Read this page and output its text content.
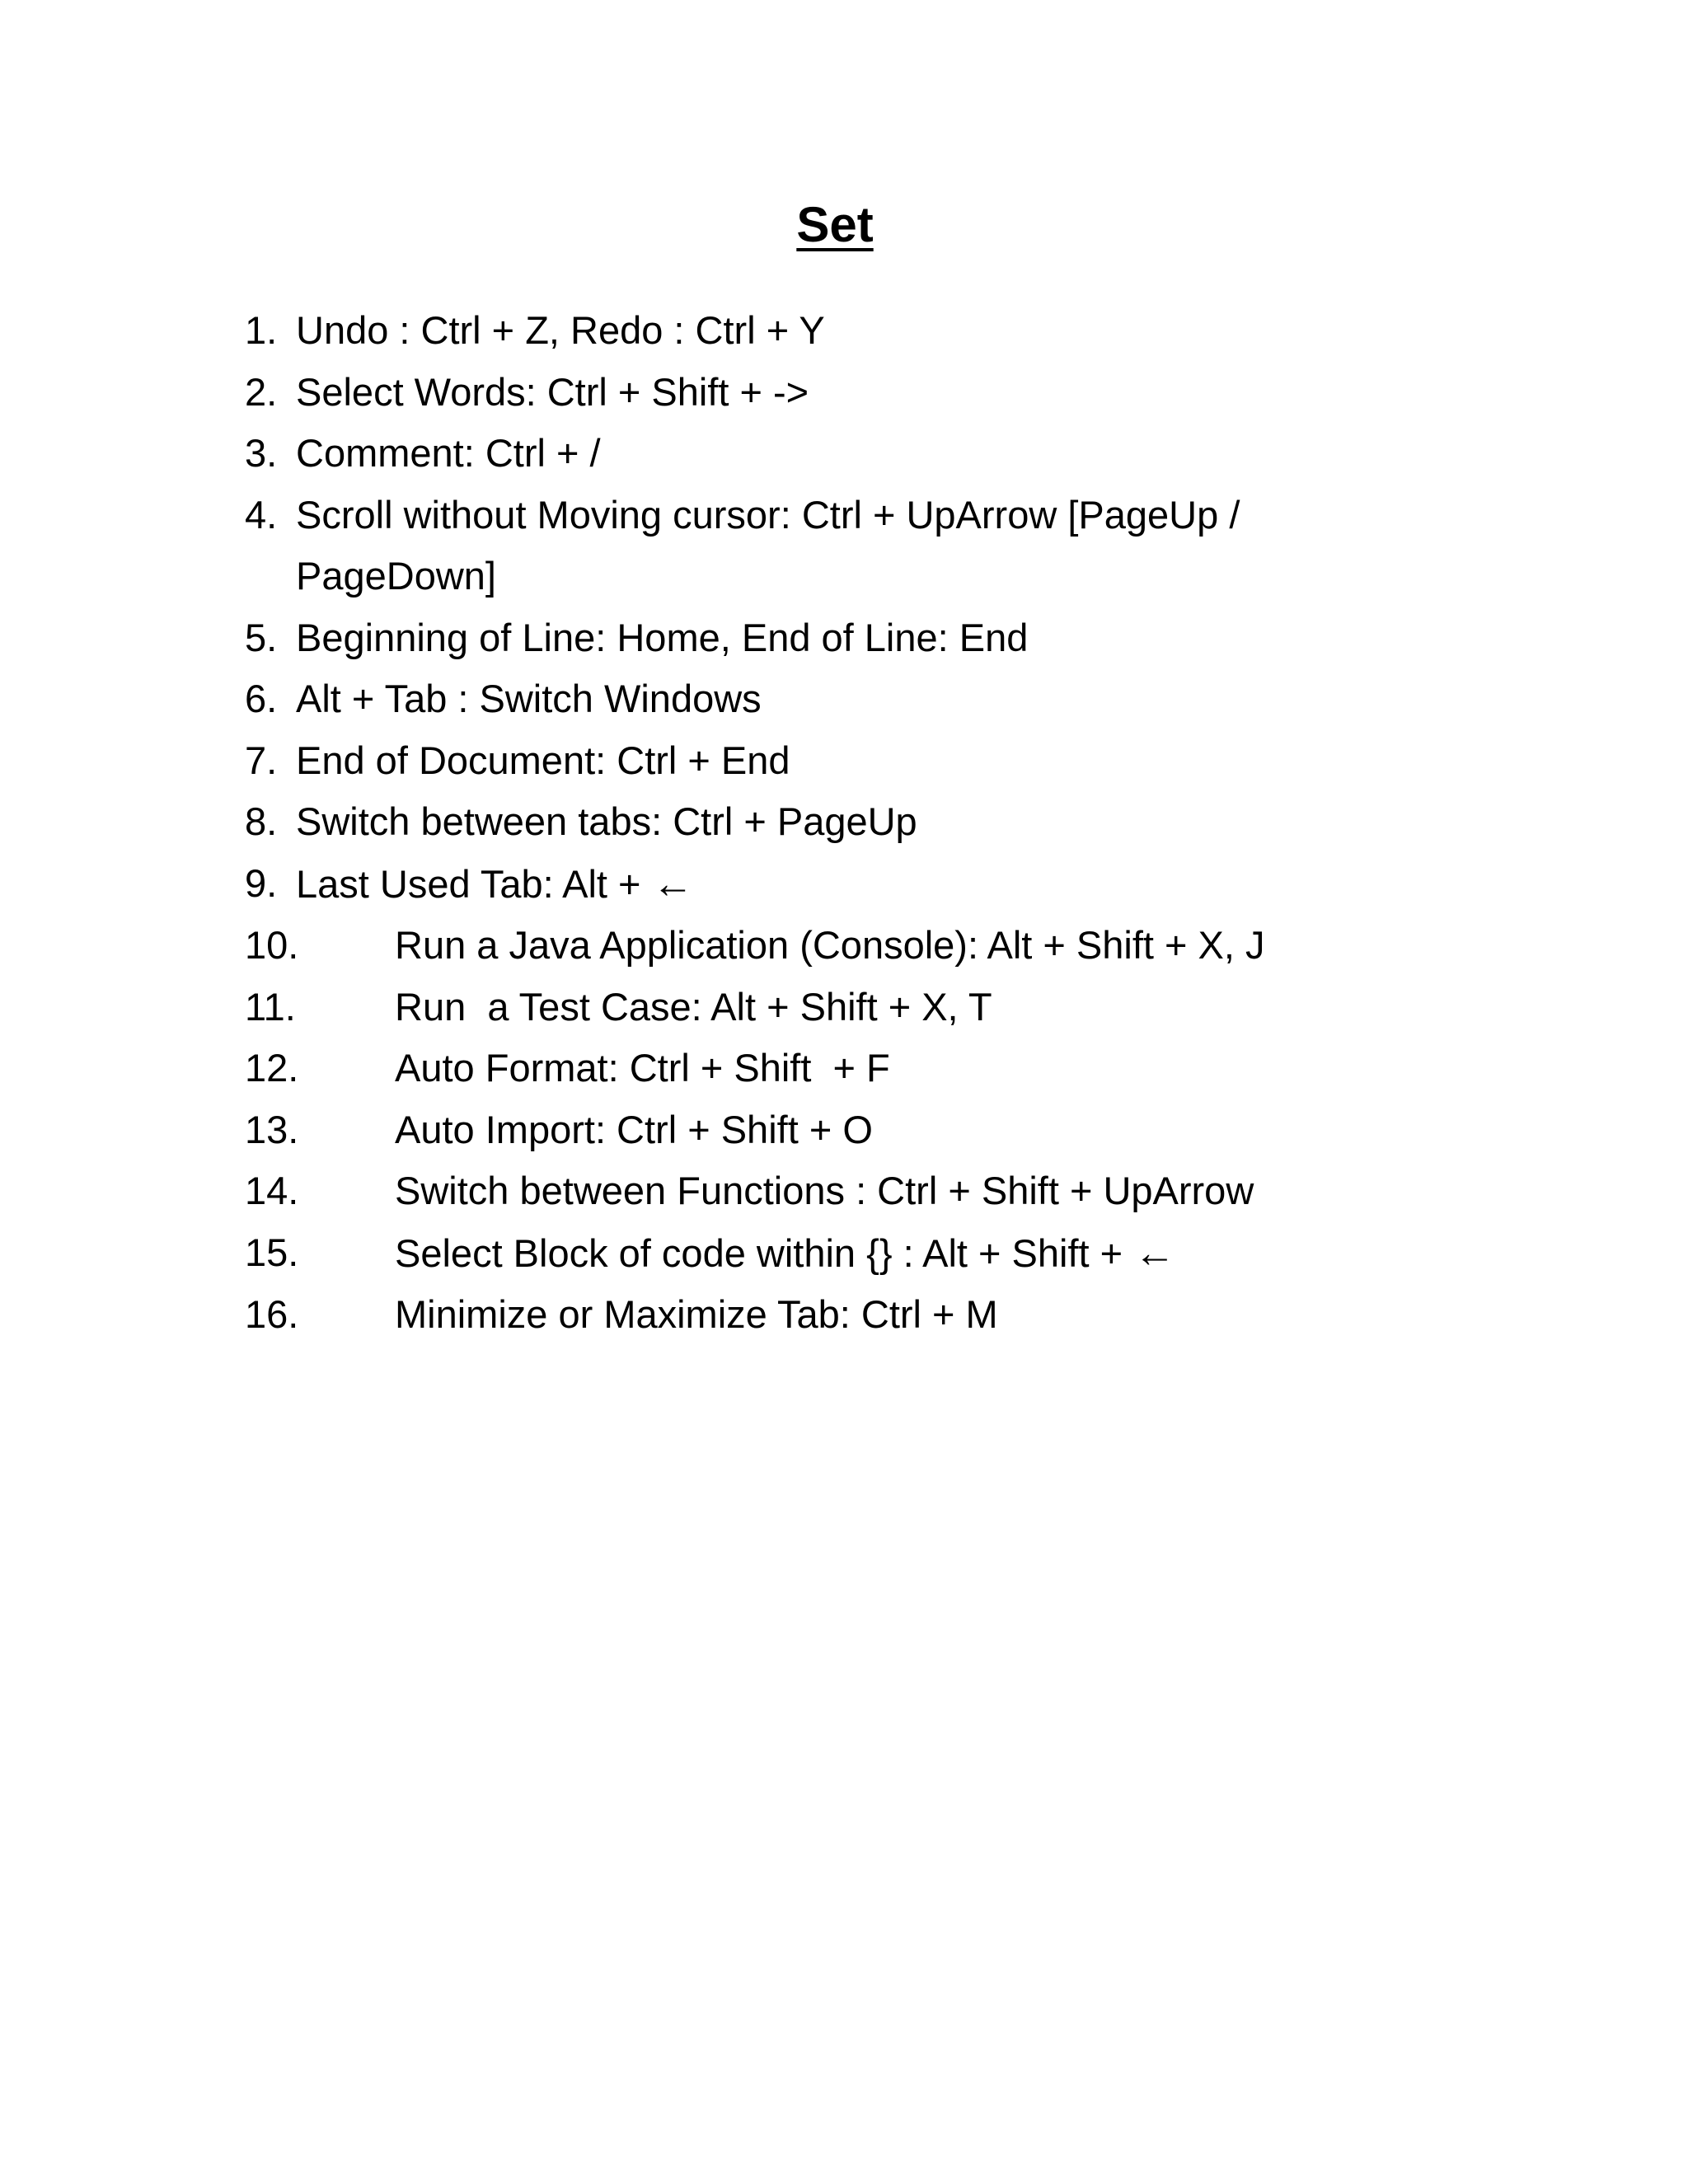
Set
1. Undo : Ctrl + Z, Redo : Ctrl + Y
2. Select Words: Ctrl + Shift + ->
3. Comment: Ctrl + /
4. Scroll without Moving cursor: Ctrl + UpArrow [PageUp / PageDown]
5. Beginning of Line: Home, End of Line: End
6. Alt + Tab : Switch Windows
7. End of Document: Ctrl + End
8. Switch between tabs: Ctrl + PageUp
9. Last Used Tab: Alt + ←
10.	Run a Java Application (Console): Alt + Shift + X, J
11.	Run  a Test Case: Alt + Shift + X, T
12.	Auto Format: Ctrl + Shift  + F
13.	Auto Import: Ctrl + Shift + O
14.	Switch between Functions : Ctrl + Shift + UpArrow
15.	Select Block of code within {} : Alt + Shift + ←
16.	Minimize or Maximize Tab: Ctrl + M
